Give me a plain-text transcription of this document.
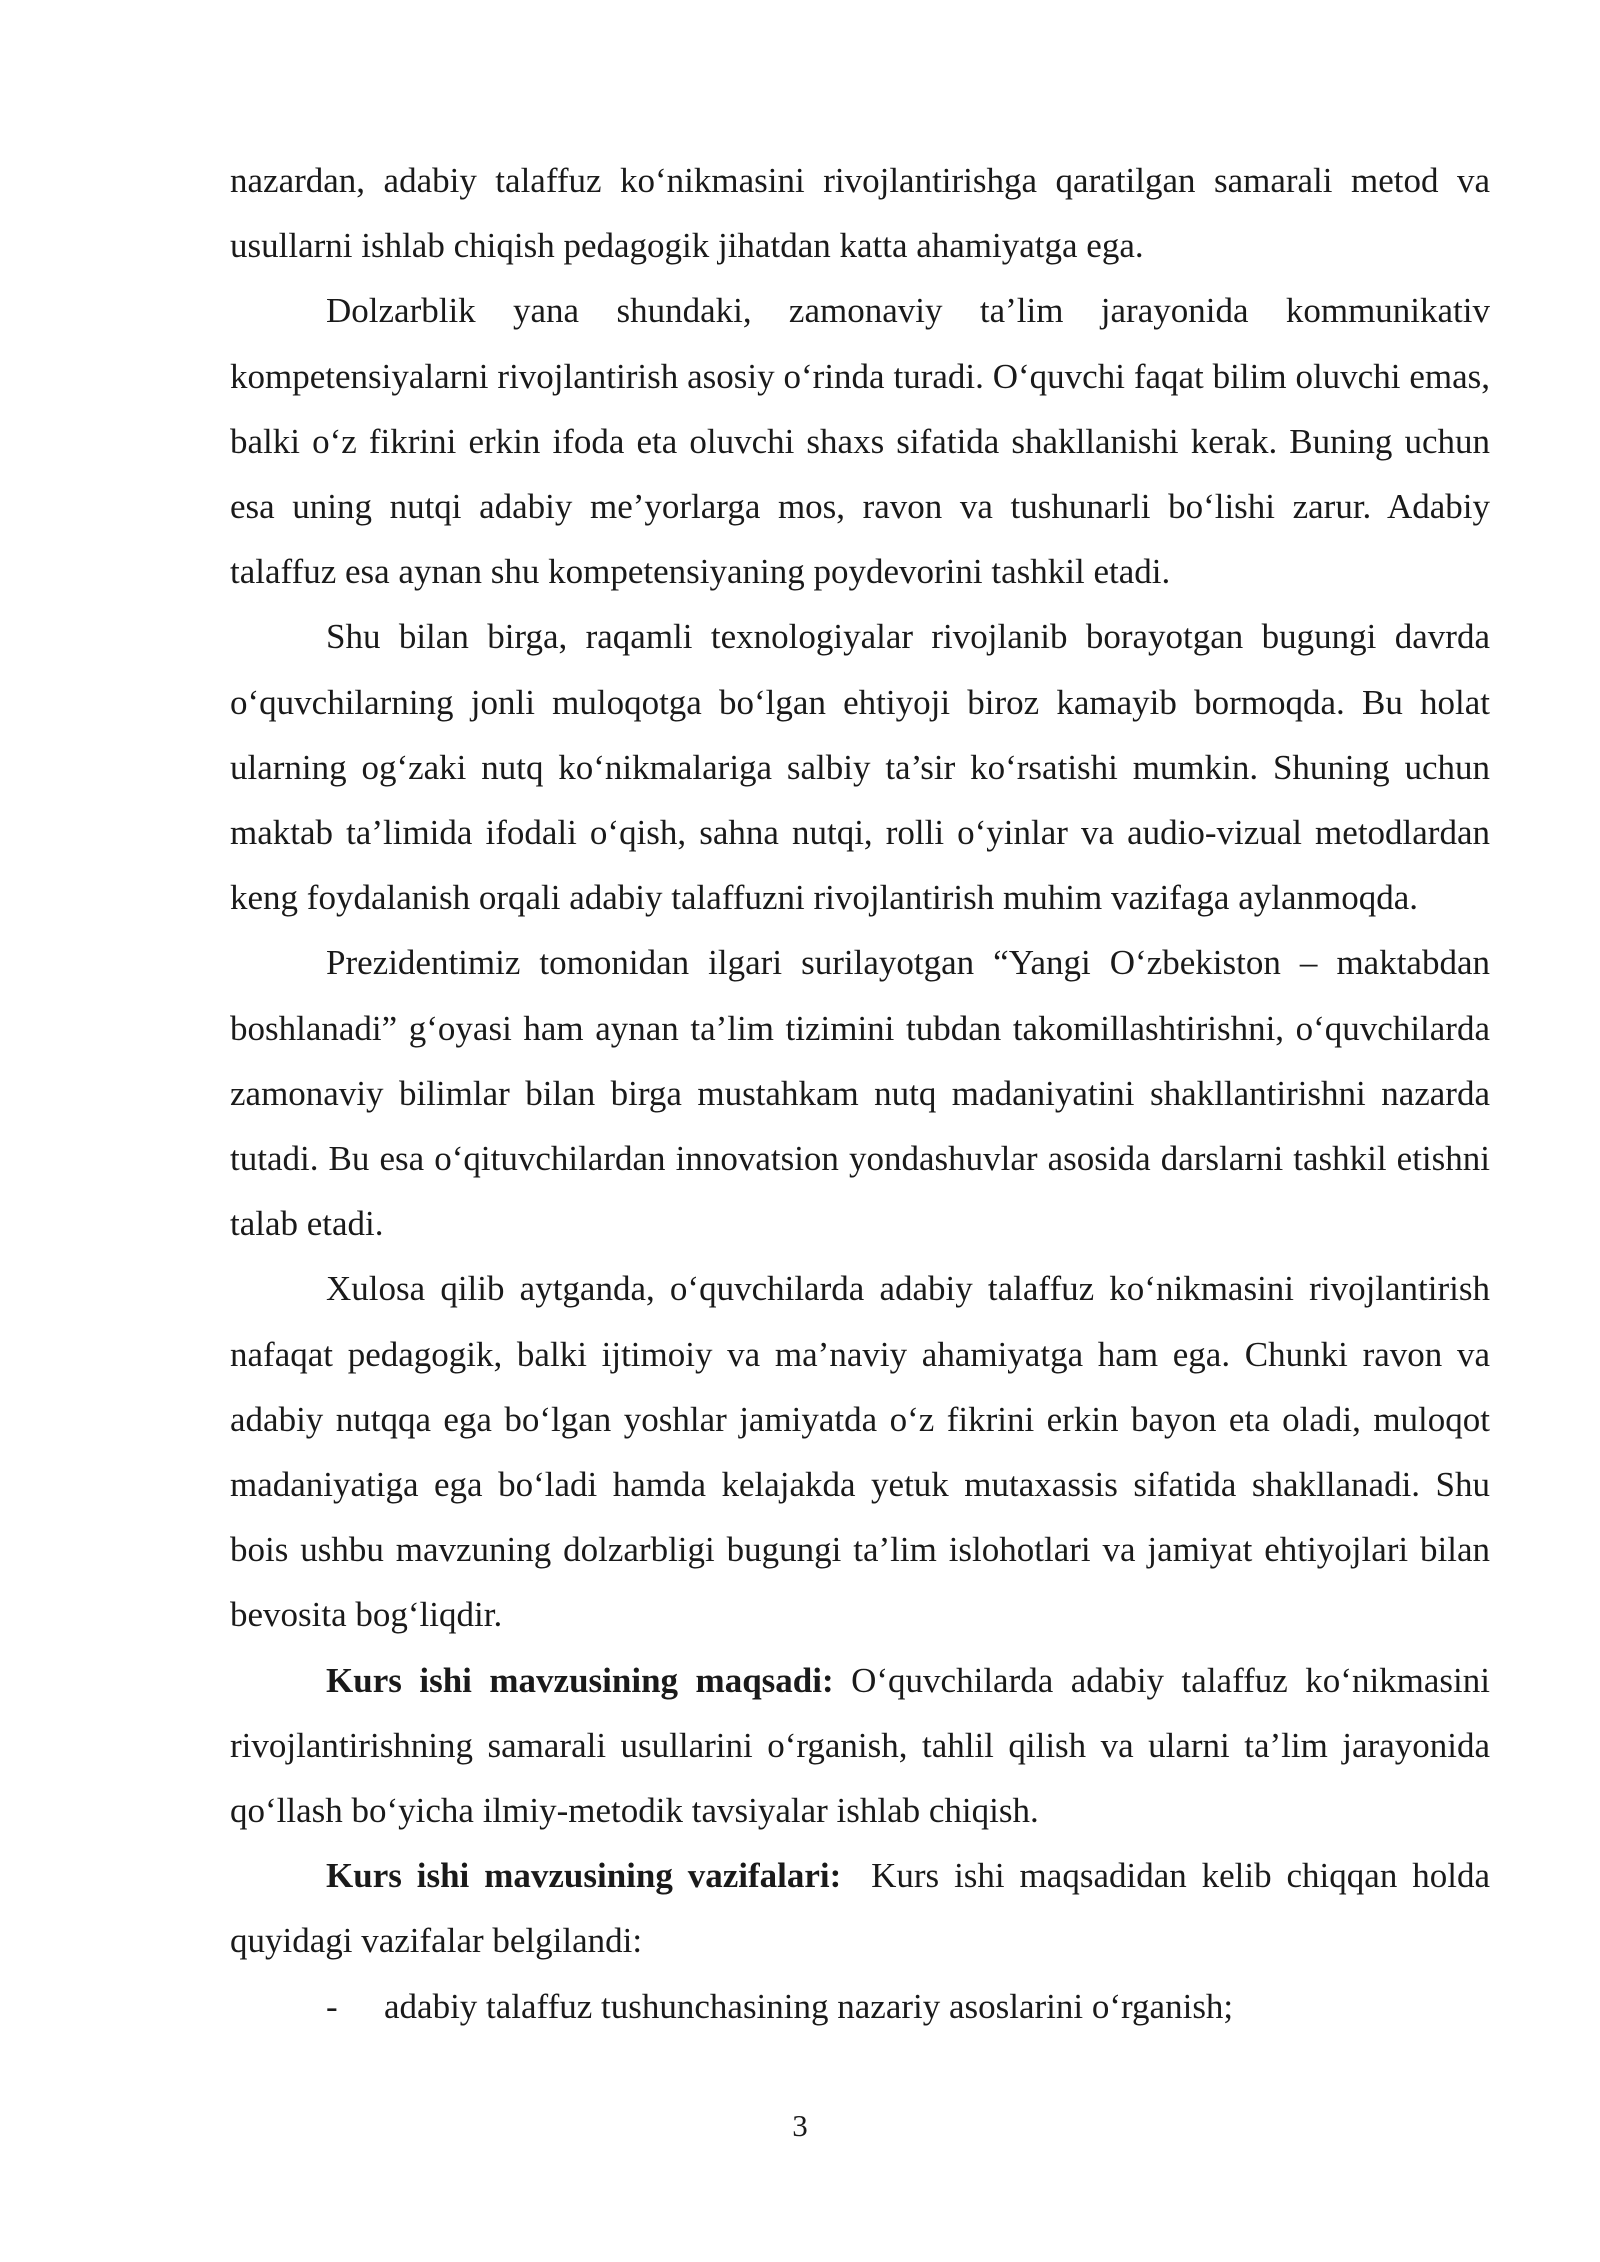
nazardan, adabiy talaffuz ko‘nikmasini rivojlantirishga qaratilgan samarali metod va usullarni ishlab chiqish pedagogik jihatdan katta ahamiyatga ega.

Dolzarblik yana shundaki, zamonaviy ta’lim jarayonida kommunikativ kompetensiyalarni rivojlantirish asosiy o‘rinda turadi. O‘quvchi faqat bilim oluvchi emas, balki o‘z fikrini erkin ifoda eta oluvchi shaxs sifatida shakllanishi kerak. Buning uchun esa uning nutqi adabiy me’yorlarga mos, ravon va tushunarli bo‘lishi zarur. Adabiy talaffuz esa aynan shu kompetensiyaning poydevorini tashkil etadi.

Shu bilan birga, raqamli texnologiyalar rivojlanib borayotgan bugungi davrda o‘quvchilarning jonli muloqotga bo‘lgan ehtiyoji biroz kamayib bormoqda. Bu holat ularning og‘zaki nutq ko‘nikmalariga salbiy ta’sir ko‘rsatishi mumkin. Shuning uchun maktab ta’limida ifodali o‘qish, sahna nutqi, rolli o‘yinlar va audio-vizual metodlardan keng foydalanish orqali adabiy talaffuzni rivojlantirish muhim vazifaga aylanmoqda.

Prezidentimiz tomonidan ilgari surilayotgan “Yangi O‘zbekiston – maktabdan boshlanadi” g‘oyasi ham aynan ta’lim tizimini tubdan takomillashtirishni, o‘quvchilarda zamonaviy bilimlar bilan birga mustahkam nutq madaniyatini shakllantirishni nazarda tutadi. Bu esa o‘qituvchilardan innovatsion yondashuvlar asosida darslarni tashkil etishni talab etadi.

Xulosa qilib aytganda, o‘quvchilarda adabiy talaffuz ko‘nikmasini rivojlantirish nafaqat pedagogik, balki ijtimoiy va ma’naviy ahamiyatga ham ega. Chunki ravon va adabiy nutqqa ega bo‘lgan yoshlar jamiyatda o‘z fikrini erkin bayon eta oladi, muloqot madaniyatiga ega bo‘ladi hamda kelajakda yetuk mutaxassis sifatida shakllanadi. Shu bois ushbu mavzuning dolzarbligi bugungi ta’lim islohotlari va jamiyat ehtiyojlari bilan bevosita bog‘liqdir.

Kurs ishi mavzusining maqsadi: O‘quvchilarda adabiy talaffuz ko‘nikmasini rivojlantirishning samarali usullarini o‘rganish, tahlil qilish va ularni ta’lim jarayonida qo‘llash bo‘yicha ilmiy-metodik tavsiyalar ishlab chiqish.

Kurs ishi mavzusining vazifalari:  Kurs ishi maqsadidan kelib chiqqan holda quyidagi vazifalar belgilandi:

-	adabiy talaffuz tushunchasining nazariy asoslarini o‘rganish;
3
